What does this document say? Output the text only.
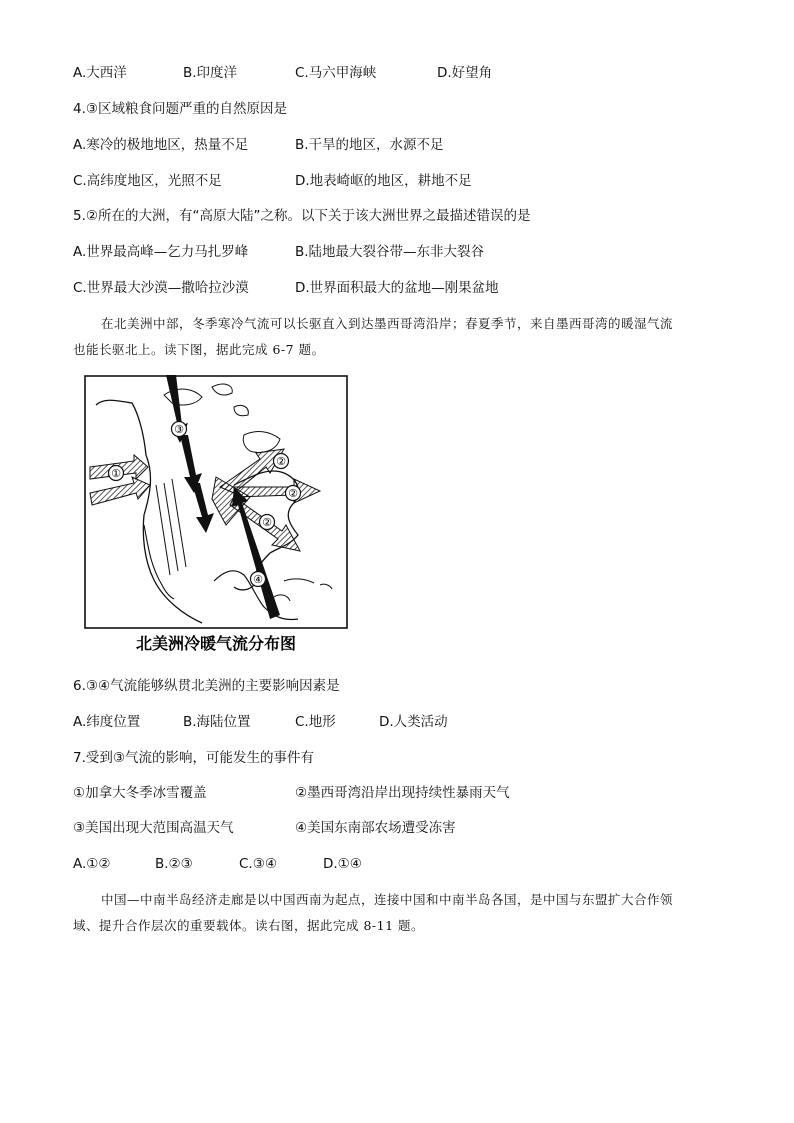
A.大西洋	B.印度洋	C.马六甲海峡	D.好望角
4.③区域粮食问题严重的自然原因是
A.寒冷的极地地区，热量不足	B.干旱的地区，水源不足
C.高纬度地区，光照不足	D.地表崎岖的地区，耕地不足
5.②所在的大洲，有“高原大陆”之称。以下关于该大洲世界之最描述错误的是
A.世界最高峰—乞力马扎罗峰	B.陆地最大裂谷带—东非大裂谷
C.世界最大沙漠—撒哈拉沙漠	D.世界面积最大的盆地—刚果盆地
在北美洲中部，冬季寒冷气流可以长驱直入到达墨西哥湾沿岸；春夏季节，来自墨西哥湾的暖湿气流
也能长驱北上。读下图，据此完成 6-7 题。
③
①
②
②
②
④
北美洲冷暖气流分布图
6.③④气流能够纵贯北美洲的主要影响因素是
A.纬度位置	B.海陆位置	C.地形	D.人类活动
7.受到③气流的影响，可能发生的事件有
①加拿大冬季冰雪覆盖	②墨西哥湾沿岸出现持续性暴雨天气
③美国出现大范围高温天气	④美国东南部农场遭受冻害
A.①②	B.②③	C.③④	D.①④
中国—中南半岛经济走廊是以中国西南为起点，连接中国和中南半岛各国，是中国与东盟扩大合作领
域、提升合作层次的重要载体。读右图，据此完成 8-11 题。
